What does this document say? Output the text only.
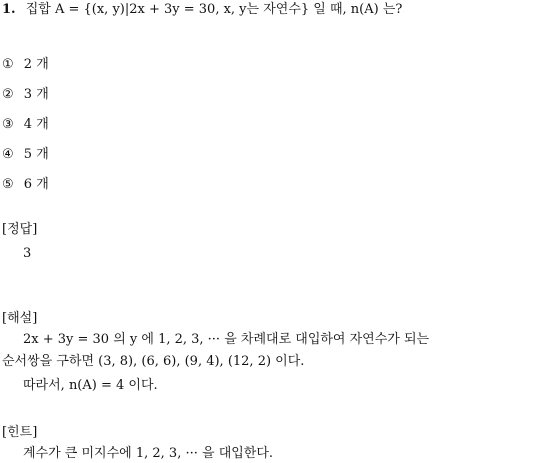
1. 집합 A = {(x, y)|2x + 3y = 30, x, y는 자연수} 일 때, n(A) 는?
① 2 개
② 3 개
③ 4 개
④ 5 개
⑤ 6 개
[정답]
3
[해설]
2x + 3y = 30 의 y 에 1, 2, 3, ··· 을 차례대로 대입하여 자연수가 되는
순서쌍을 구하면 (3, 8), (6, 6), (9, 4), (12, 2) 이다.
따라서, n(A) = 4 이다.
[힌트]
계수가 큰 미지수에 1, 2, 3, ··· 을 대입한다.
